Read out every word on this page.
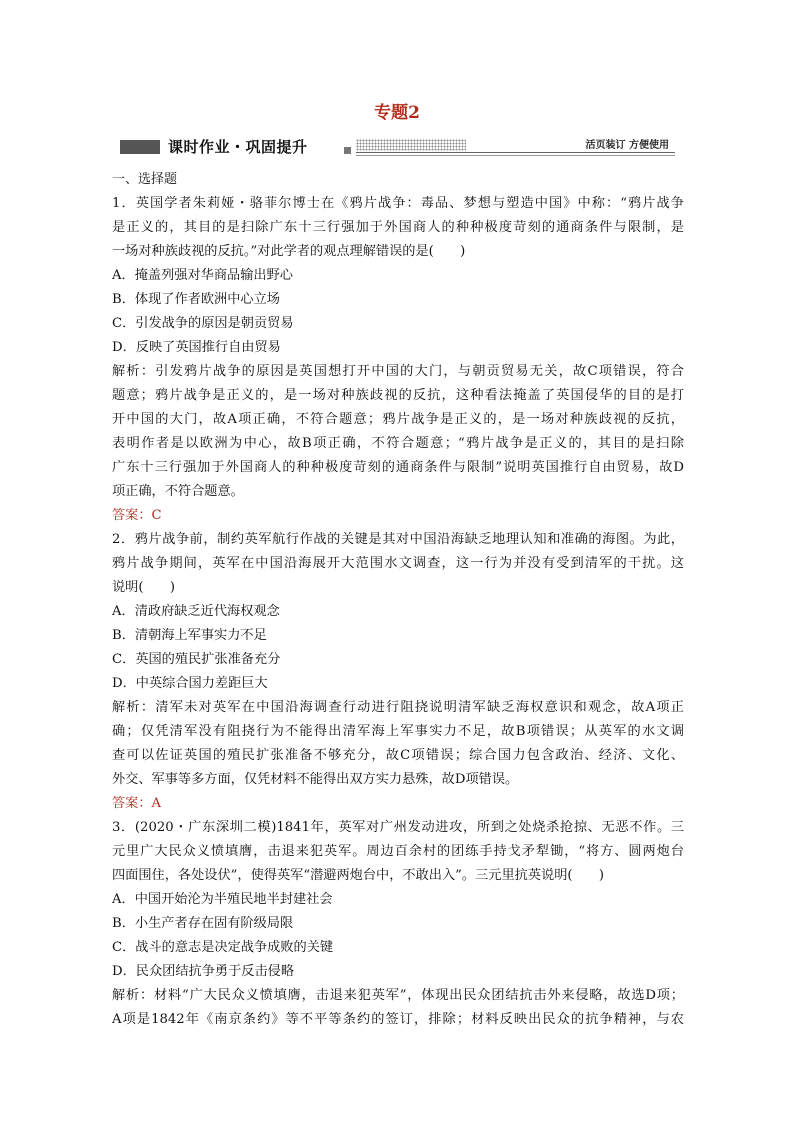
专题2
课时作业・巩固提升	活页装订 方便使用
一、选择题
1．英国学者朱莉娅・骆菲尔博士在《鸦片战争：毒品、梦想与塑造中国》中称：“鸦片战争
是正义的，其目的是扫除广东十三行强加于外国商人的种种极度苛刻的通商条件与限制，是
一场对种族歧视的反抗。”对此学者的观点理解错误的是(　　)
A．掩盖列强对华商品输出野心
B．体现了作者欧洲中心立场
C．引发战争的原因是朝贡贸易
D．反映了英国推行自由贸易
解析：引发鸦片战争的原因是英国想打开中国的大门，与朝贡贸易无关，故C项错误，符合
题意；鸦片战争是正义的，是一场对种族歧视的反抗，这种看法掩盖了英国侵华的目的是打
开中国的大门，故A项正确，不符合题意；鸦片战争是正义的，是一场对种族歧视的反抗，
表明作者是以欧洲为中心，故B项正确，不符合题意；“鸦片战争是正义的，其目的是扫除
广东十三行强加于外国商人的种种极度苛刻的通商条件与限制”说明英国推行自由贸易，故D
项正确，不符合题意。
答案：C
2．鸦片战争前，制约英军航行作战的关键是其对中国沿海缺乏地理认知和准确的海图。为此，
鸦片战争期间，英军在中国沿海展开大范围水文调查，这一行为并没有受到清军的干扰。这
说明(　　)
A．清政府缺乏近代海权观念
B．清朝海上军事实力不足
C．英国的殖民扩张准备充分
D．中英综合国力差距巨大
解析：清军未对英军在中国沿海调查行动进行阻挠说明清军缺乏海权意识和观念，故A项正
确；仅凭清军没有阻挠行为不能得出清军海上军事实力不足，故B项错误；从英军的水文调
查可以佐证英国的殖民扩张准备不够充分，故C项错误；综合国力包含政治、经济、文化、
外交、军事等多方面，仅凭材料不能得出双方实力悬殊，故D项错误。
答案：A
3．(2020・广东深圳二模)1841年，英军对广州发动进攻，所到之处烧杀抢掠、无恶不作。三
元里广大民众义愤填膺，击退来犯英军。周边百余村的团练手持戈矛犁锄，“将方、圆两炮台
四面围住，各处设伏”，使得英军“潜避两炮台中，不敢出入”。三元里抗英说明(　　)
A．中国开始沦为半殖民地半封建社会
B．小生产者存在固有阶级局限
C．战斗的意志是决定战争成败的关键
D．民众团结抗争勇于反击侵略
解析：材料“广大民众义愤填膺，击退来犯英军”，体现出民众团结抗击外来侵略，故选D项；
A项是1842年《南京条约》等不平等条约的签订，排除；材料反映出民众的抗争精神，与农
